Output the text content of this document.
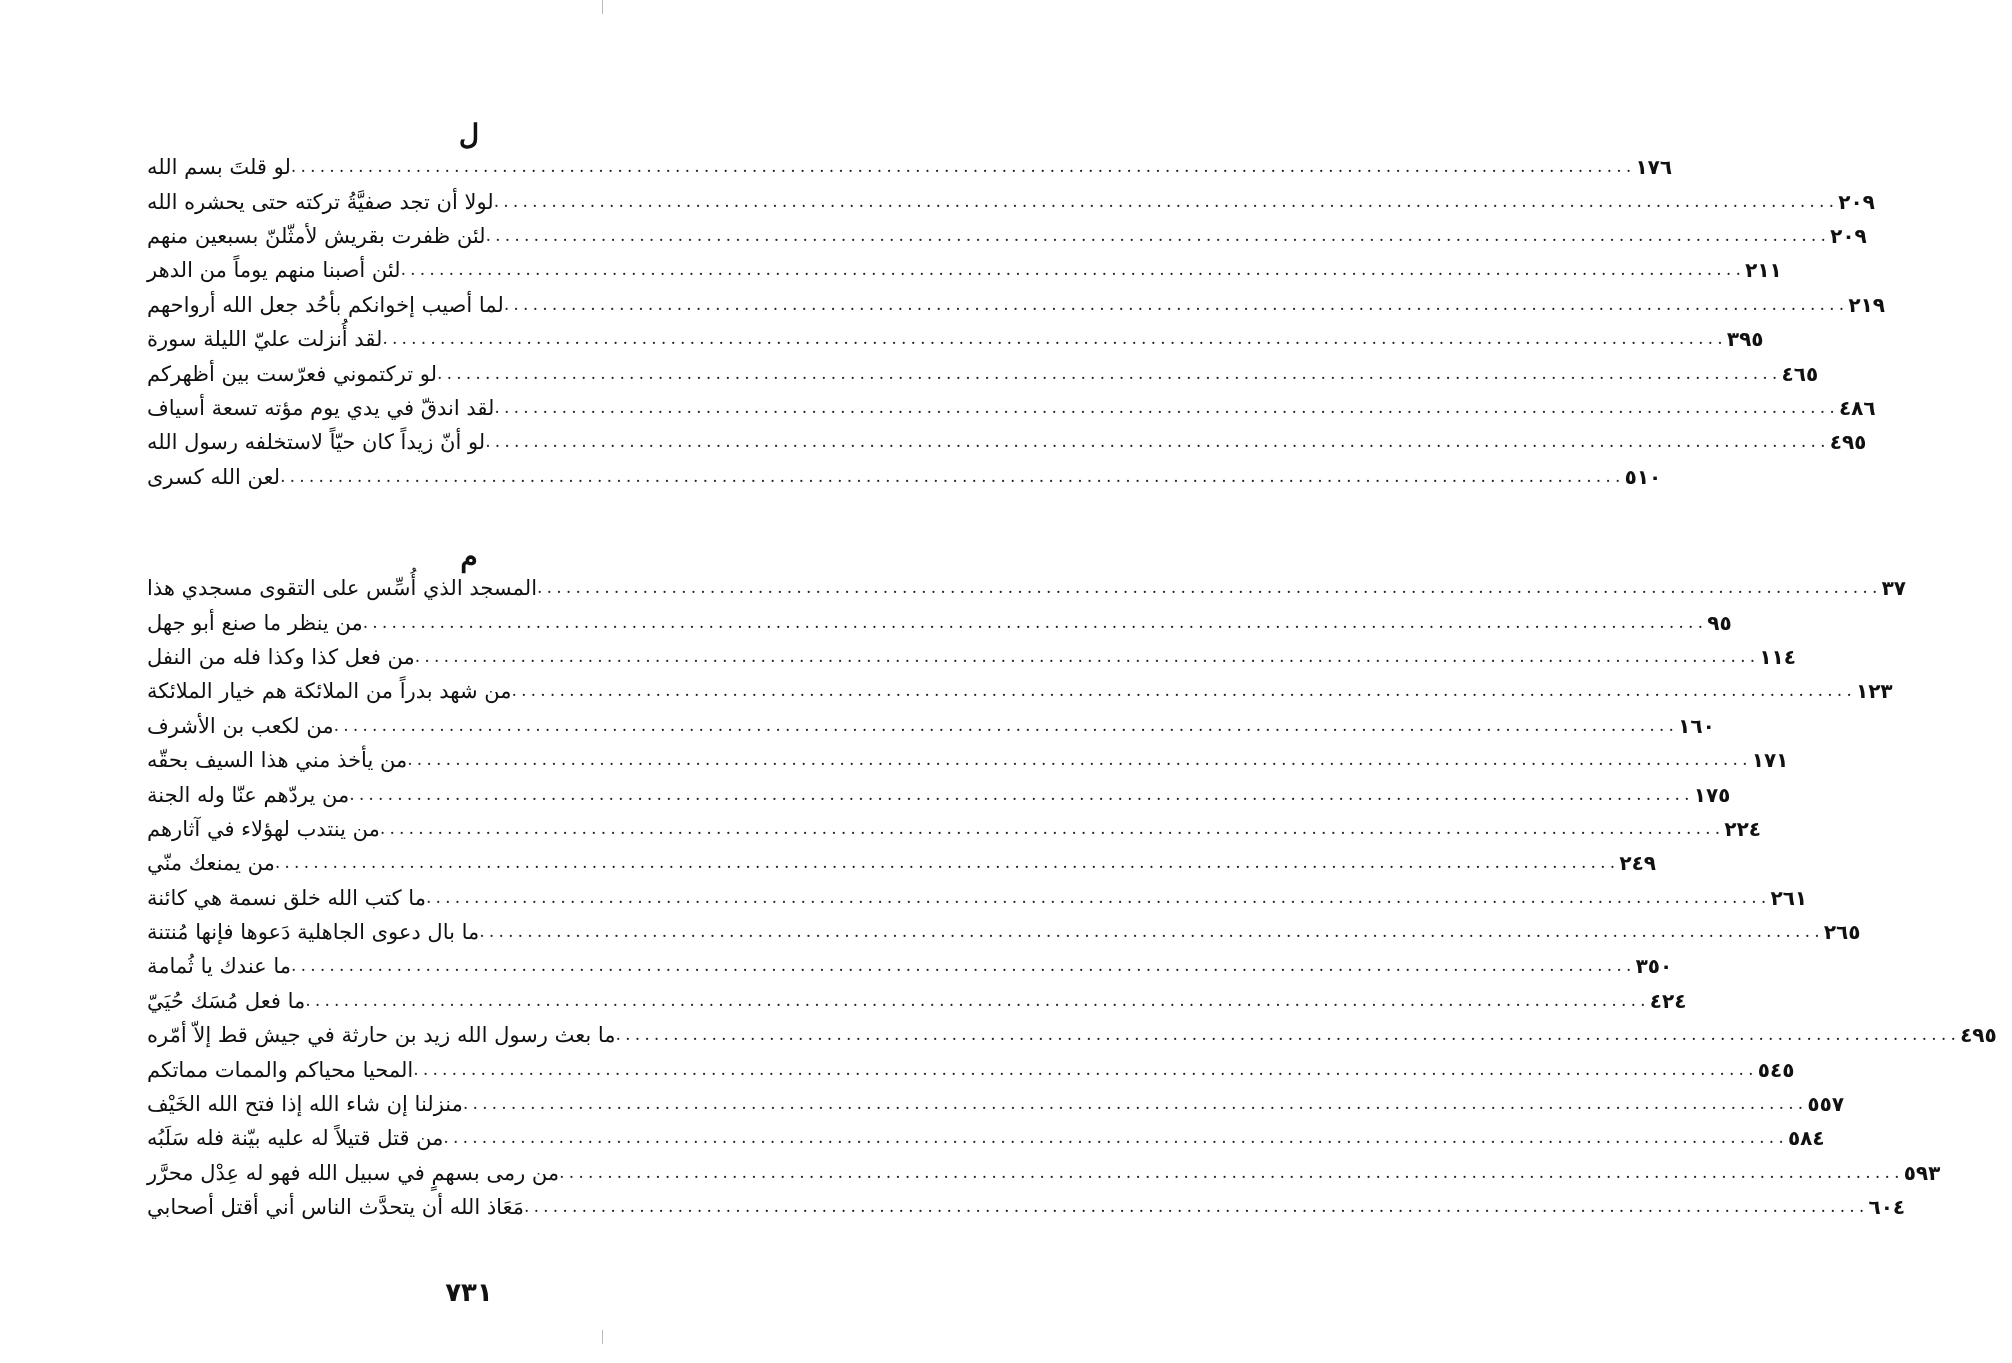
ل
لو قلتَ بسم الله ............................................................................................................................................ ١٧٦
لولا أن تجد صفيَّةُ تركته حتى يحشره الله ............................................................................................................................................ ٢٠٩
لئن ظفرت بقريش لأمثّلنّ بسبعين منهم ............................................................................................................................................ ٢٠٩
لئن أصبنا منهم يوماً من الدهر ............................................................................................................................................ ٢١١
لما أصيب إخوانكم بأحُد جعل الله أرواحهم ............................................................................................................................................ ٢١٩
لقد أُنزلت عليّ الليلة سورة ............................................................................................................................................ ٣٩٥
لو تركتموني فعرّست بين أظهركم ............................................................................................................................................ ٤٦٥
لقد اندقّ في يدي يوم مؤته تسعة أسياف ............................................................................................................................................ ٤٨٦
لو أنّ زيداً كان حيّاً لاستخلفه رسول الله ............................................................................................................................................ ٤٩٥
لعن الله كسرى ............................................................................................................................................ ٥١٠
م
المسجد الذي أُسِّس على التقوى مسجدي هذا ............................................................................................................................................ ٣٧
من ينظر ما صنع أبو جهل ............................................................................................................................................ ٩٥
من فعل كذا وكذا فله من النفل ............................................................................................................................................ ١١٤
من شهد بدراً من الملائكة هم خيار الملائكة ............................................................................................................................................ ١٢٣
من لكعب بن الأشرف ............................................................................................................................................ ١٦٠
من يأخذ مني هذا السيف بحقّه ............................................................................................................................................ ١٧١
من يردّهم عنّا وله الجنة ............................................................................................................................................ ١٧٥
من ينتدب لهؤلاء في آثارهم ............................................................................................................................................ ٢٢٤
من يمنعك منّي ............................................................................................................................................ ٢٤٩
ما كتب الله خلق نسمة هي كائنة ............................................................................................................................................ ٢٦١
ما بال دعوى الجاهلية دَعوها فإنها مُنتنة ............................................................................................................................................ ٢٦٥
ما عندك يا ثُمامة ............................................................................................................................................ ٣٥٠
ما فعل مُسَك حُيَيّ ............................................................................................................................................ ٤٢٤
ما بعث رسول الله زيد بن حارثة في جيش قط إلاّ أمّره ............................................................................................................................................ ٤٩٥
المحيا محياكم والممات مماتكم ............................................................................................................................................ ٥٤٥
منزلنا إن شاء الله إذا فتح الله الخَيْف ............................................................................................................................................ ٥٥٧
من قتل قتيلاً له عليه بيّنة فله سَلَبُه ............................................................................................................................................ ٥٨٤
من رمى بسهمٍ في سبيل الله فهو له عِدْل محرَّر ............................................................................................................................................ ٥٩٣
مَعَاذ الله أن يتحدَّث الناس أني أقتل أصحابي ............................................................................................................................................ ٦٠٤
٧٣١
